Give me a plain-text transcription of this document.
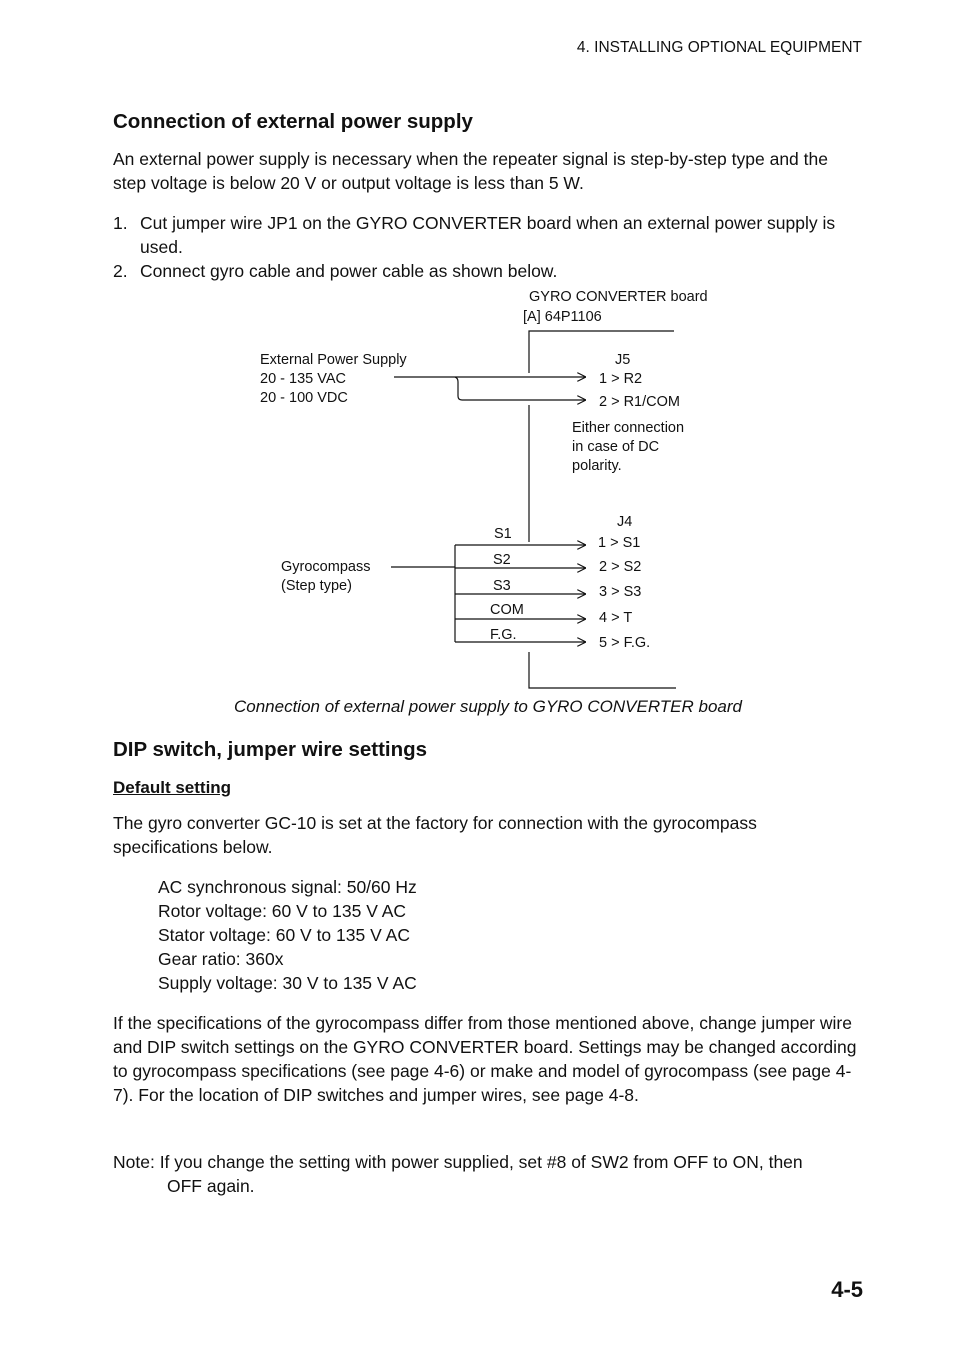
4. INSTALLING OPTIONAL EQUIPMENT
Connection of external power supply

An external power supply is necessary when the repeater signal is step-by-step type and the step voltage is below 20 V or output voltage is less than 5 W.

1. Cut jumper wire JP1 on the GYRO CONVERTER board when an external power supply is used.
2. Connect gyro cable and power cable as shown below.
GYRO CONVERTER board
[A] 64P1106
External Power Supply
20 - 135 VAC
20 - 100 VDC
J5
1 > R2
2 > R1/COM
Either connection
in case of DC
polarity.
Gyrocompass
(Step type)
S1
S2
S3
COM
F.G.
J4
1 > S1
2 > S2
3 > S3
4 > T
5 > F.G.
Connection of external power supply to GYRO CONVERTER board
DIP switch, jumper wire settings
Default setting

The gyro converter GC-10 is set at the factory for connection with the gyrocompass specifications below.

AC synchronous signal: 50/60 Hz
Rotor voltage: 60 V to 135 V AC
Stator voltage: 60 V to 135 V AC
Gear ratio: 360x
Supply voltage: 30 V to 135 V AC

If the specifications of the gyrocompass differ from those mentioned above, change jumper wire and DIP switch settings on the GYRO CONVERTER board. Settings may be changed according to gyrocompass specifications (see page 4-6) or make and model of gyrocompass (see page 4-7). For the location of DIP switches and jumper wires, see page 4-8.

Note: If you change the setting with power supplied, set #8 of SW2 from OFF to ON, then
OFF again.
4-5
